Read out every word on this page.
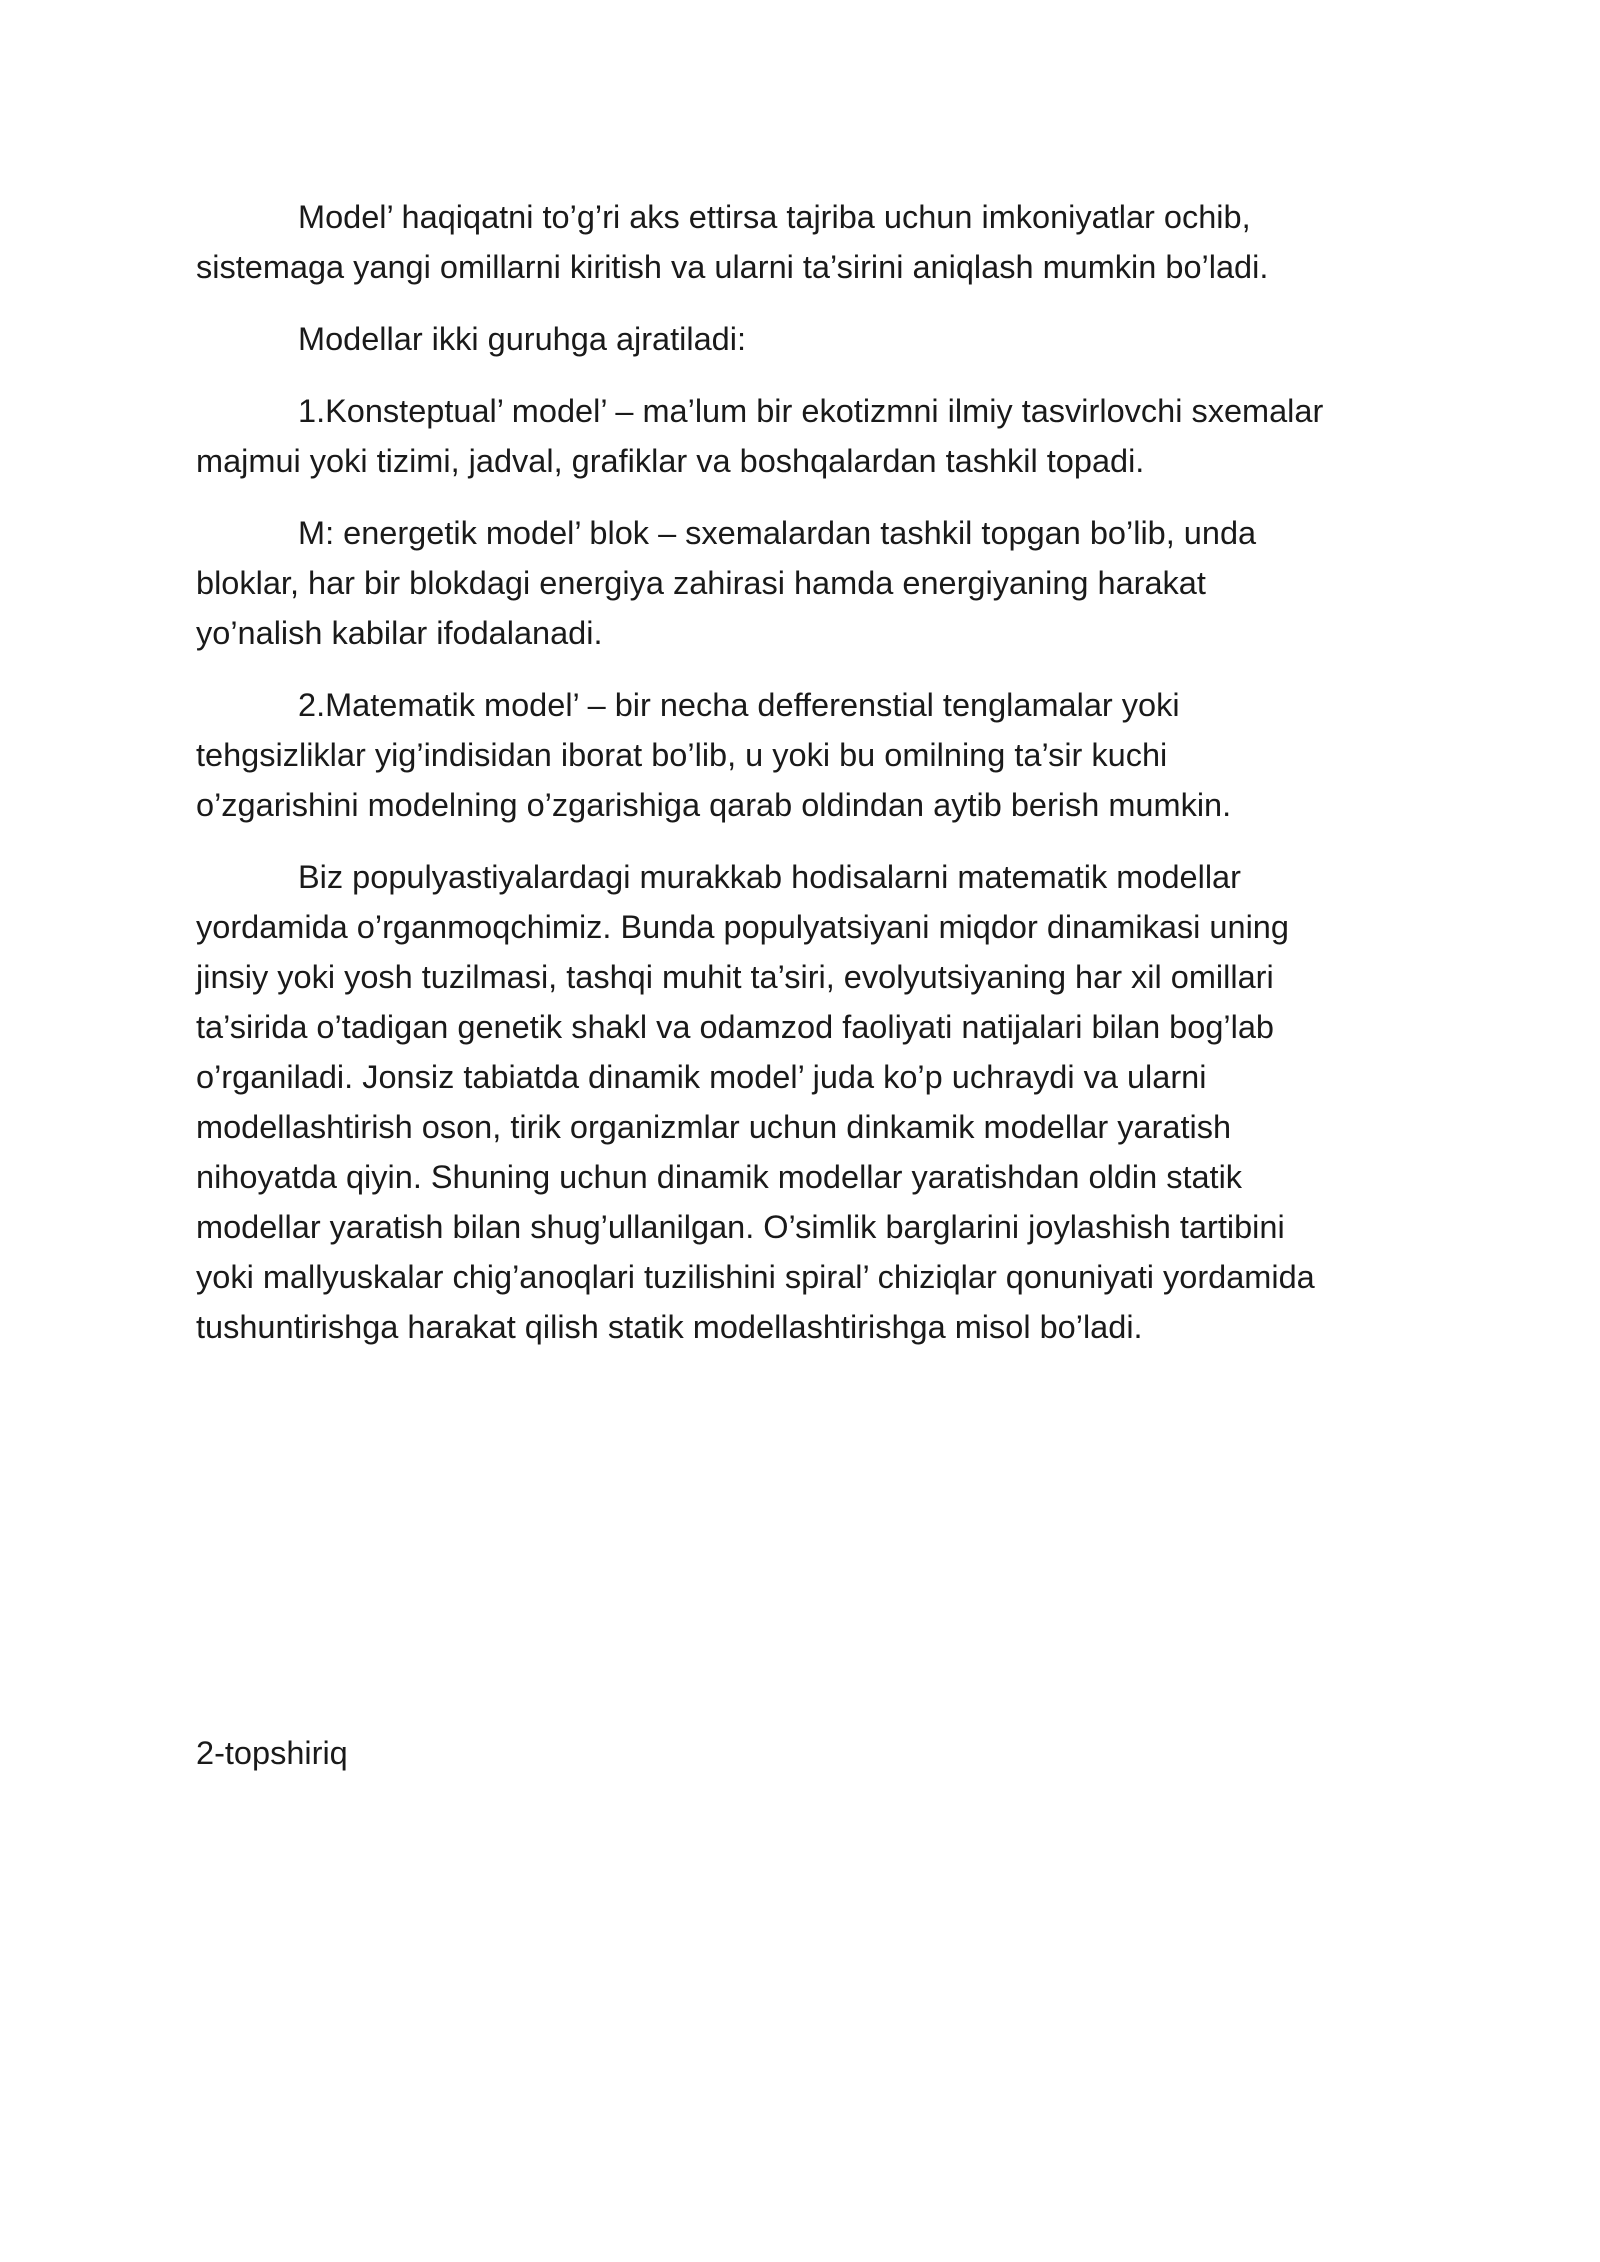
Model’ haqiqatni to’g’ri aks ettirsa tajriba uchun imkoniyatlar ochib,
sistemaga yangi omillarni kiritish va ularni ta’sirini aniqlash mumkin bo’ladi.

Modellar ikki guruhga ajratiladi:

1.Konsteptual’ model’ – ma’lum bir ekotizmni ilmiy tasvirlovchi sxemalar
majmui yoki tizimi, jadval, grafiklar va boshqalardan tashkil topadi.

M: energetik model’ blok – sxemalardan tashkil topgan bo’lib, unda
bloklar, har bir blokdagi energiya zahirasi hamda energiyaning harakat
yo’nalish kabilar ifodalanadi.

2.Matematik model’ – bir necha defferenstial tenglamalar yoki
tehgsizliklar yig’indisidan iborat bo’lib, u yoki bu omilning ta’sir kuchi
o’zgarishini modelning o’zgarishiga qarab oldindan aytib berish mumkin.

Biz populyastiyalardagi murakkab hodisalarni matematik modellar
yordamida o’rganmoqchimiz. Bunda populyatsiyani miqdor dinamikasi uning
jinsiy yoki yosh tuzilmasi, tashqi muhit ta’siri, evolyutsiyaning har xil omillari
ta’sirida o’tadigan genetik shakl va odamzod faoliyati natijalari bilan bog’lab
o’rganiladi. Jonsiz tabiatda dinamik model’ juda ko’p uchraydi va ularni
modellashtirish oson, tirik organizmlar uchun dinkamik modellar yaratish
nihoyatda qiyin. Shuning uchun dinamik modellar yaratishdan oldin statik
modellar yaratish bilan shug’ullanilgan. O’simlik barglarini joylashish tartibini
yoki mallyuskalar chig’anoqlari tuzilishini spiral’ chiziqlar qonuniyati yordamida
tushuntirishga harakat qilish statik modellashtirishga misol bo’ladi.

2-topshiriq
